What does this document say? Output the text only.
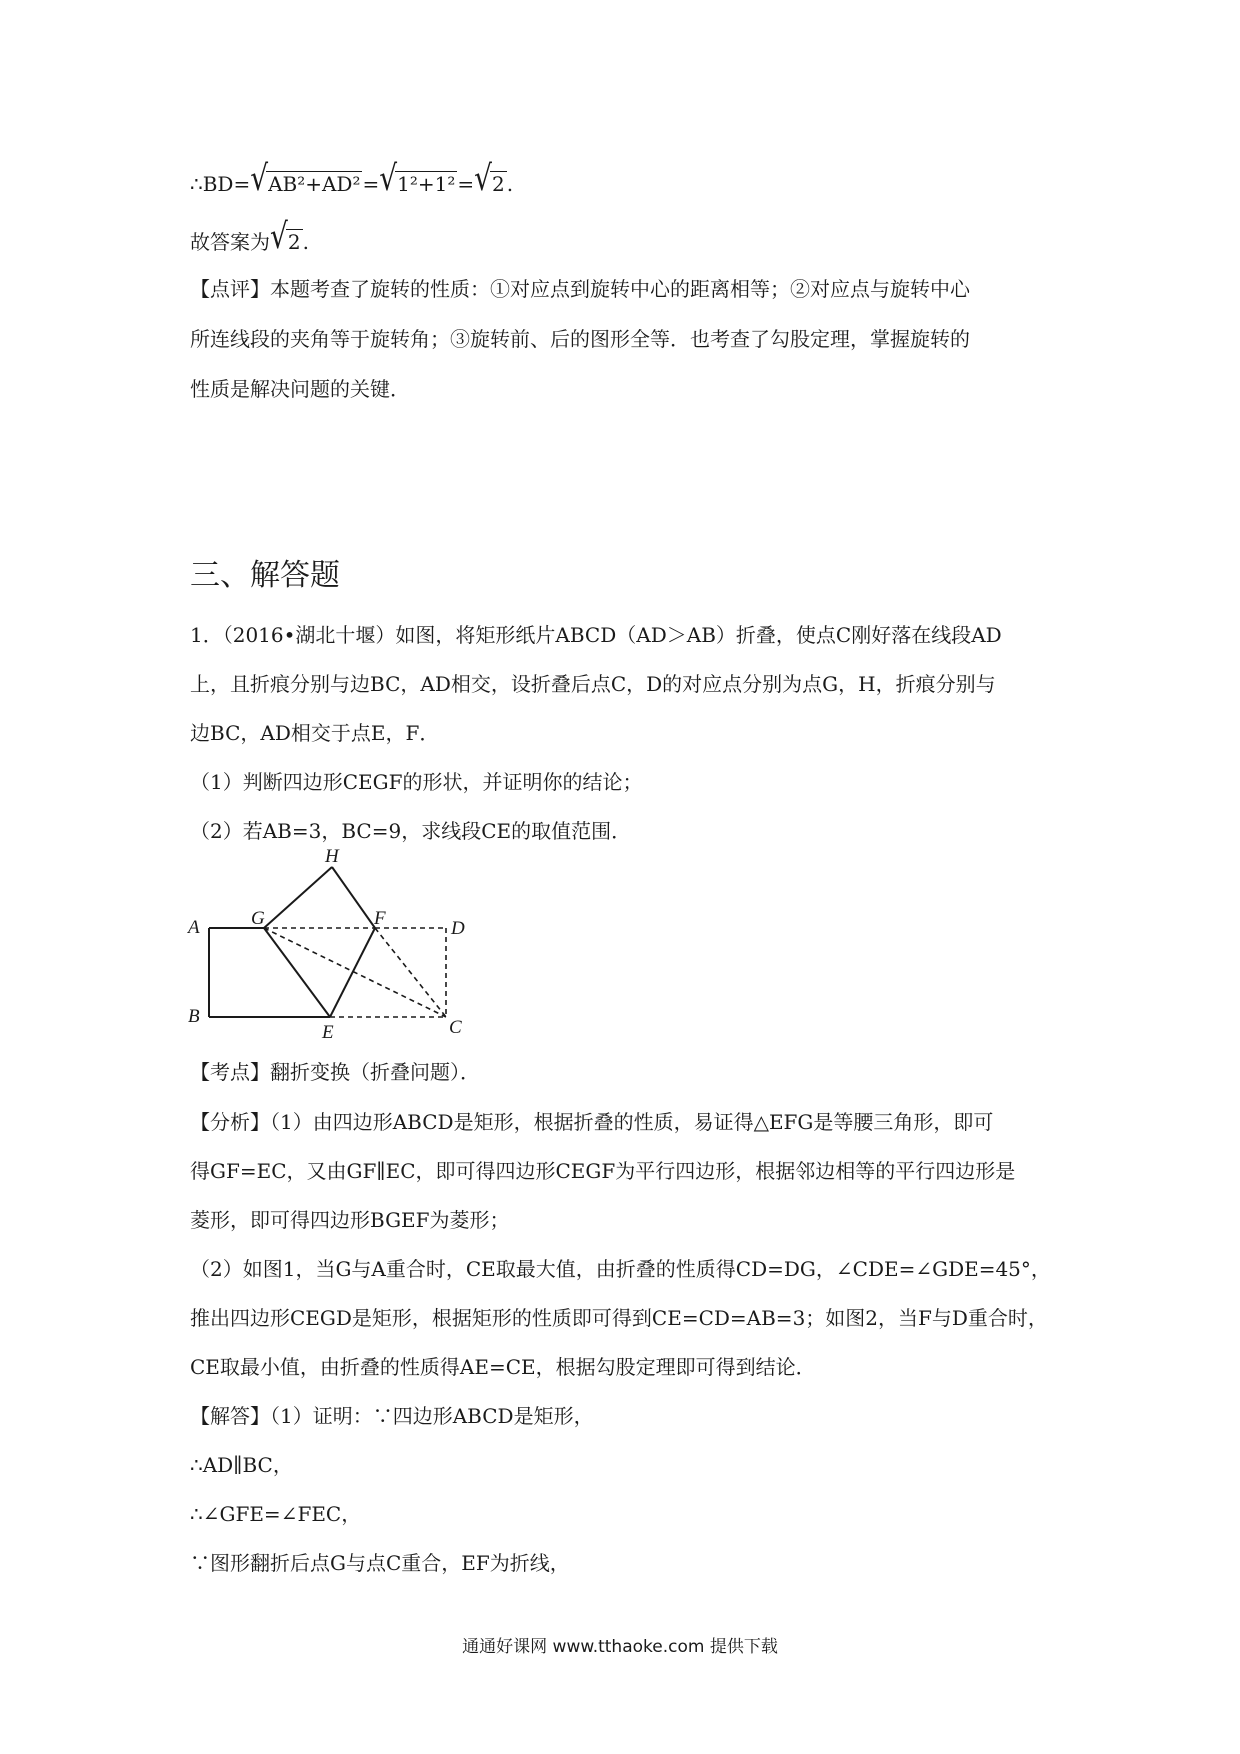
∴BD=√AB²+AD² =√1²+1² =√2 .
故答案为√2 .
【点评】本题考查了旋转的性质：①对应点到旋转中心的距离相等；②对应点与旋转中心
所连线段的夹角等于旋转角；③旋转前、后的图形全等．也考查了勾股定理，掌握旋转的
性质是解决问题的关键．
三、解答题
1．（2016•湖北十堰）如图，将矩形纸片ABCD（AD＞AB）折叠，使点C刚好落在线段AD
上，且折痕分别与边BC，AD相交，设折叠后点C，D的对应点分别为点G，H，折痕分别与
边BC，AD相交于点E，F．
（1）判断四边形CEGF的形状，并证明你的结论；
（2）若AB=3，BC=9，求线段CE的取值范围．
H
A	G	F	D
B
E	C
【考点】翻折变换（折叠问题）．
【分析】（1）由四边形ABCD是矩形，根据折叠的性质，易证得△EFG是等腰三角形，即可
得GF=EC，又由GF∥EC，即可得四边形CEGF为平行四边形，根据邻边相等的平行四边形是
菱形，即可得四边形BGEF为菱形；
（2）如图1，当G与A重合时，CE取最大值，由折叠的性质得CD=DG，∠CDE=∠GDE=45°，
推出四边形CEGD是矩形，根据矩形的性质即可得到CE=CD=AB=3；如图2，当F与D重合时，
CE取最小值，由折叠的性质得AE=CE，根据勾股定理即可得到结论．
【解答】（1）证明：∵四边形ABCD是矩形，
∴AD∥BC，
∴∠GFE=∠FEC，
∵图形翻折后点G与点C重合，EF为折线，
通通好课网 www.tthaoke.com 提供下载
